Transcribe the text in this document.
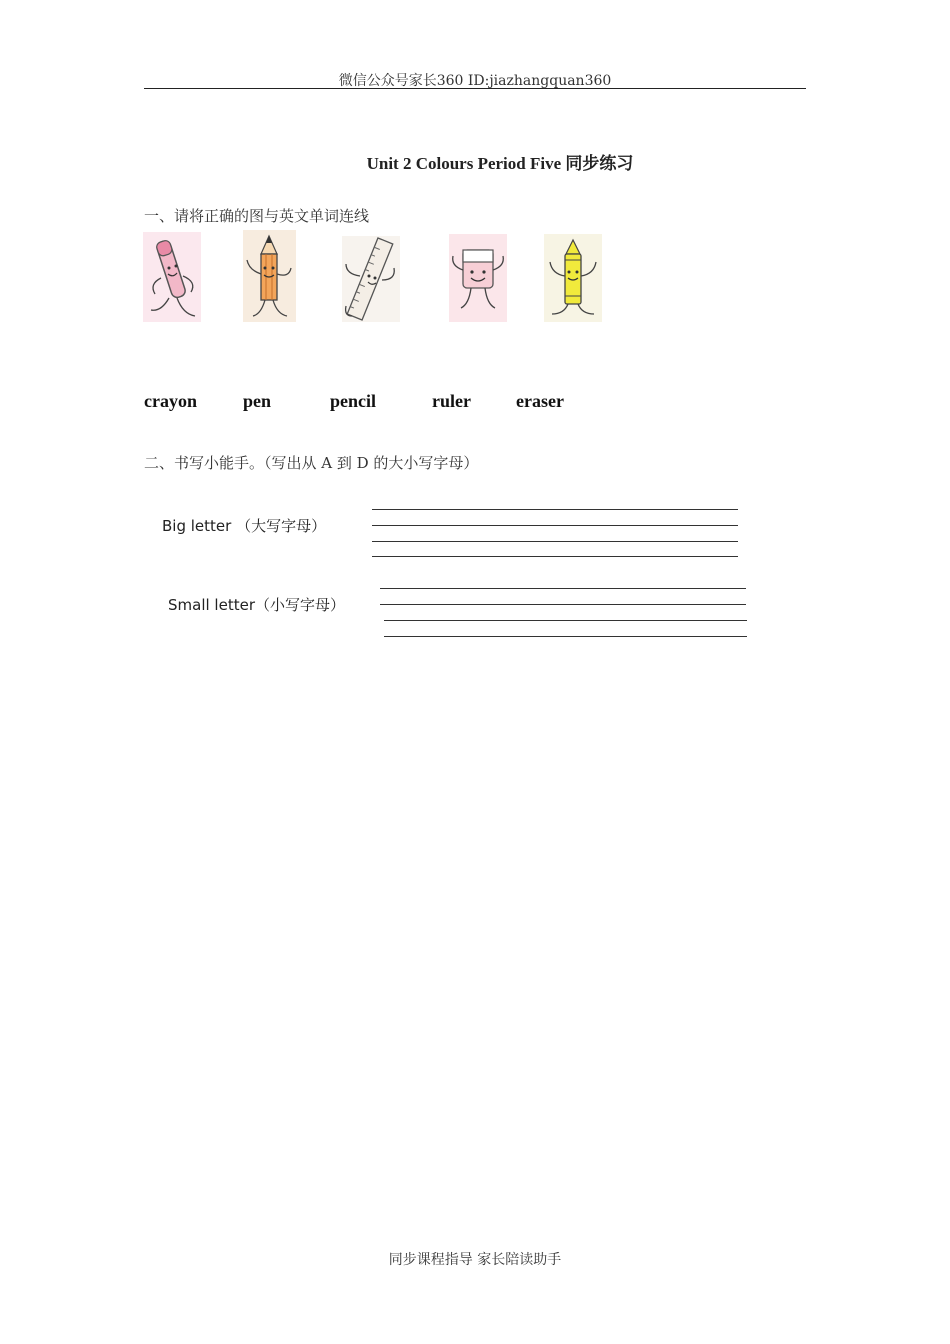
微信公众号家长360 ID:jiazhangquan360
Unit 2 Colours Period Five 同步练习
一、请将正确的图与英文单词连线
crayon	pen	pencil	ruler	eraser
二、书写小能手。（写出从 A 到 D 的大小写字母）
Big letter （大写字母）
Small letter（小写字母）
同步课程指导 家长陪读助手
